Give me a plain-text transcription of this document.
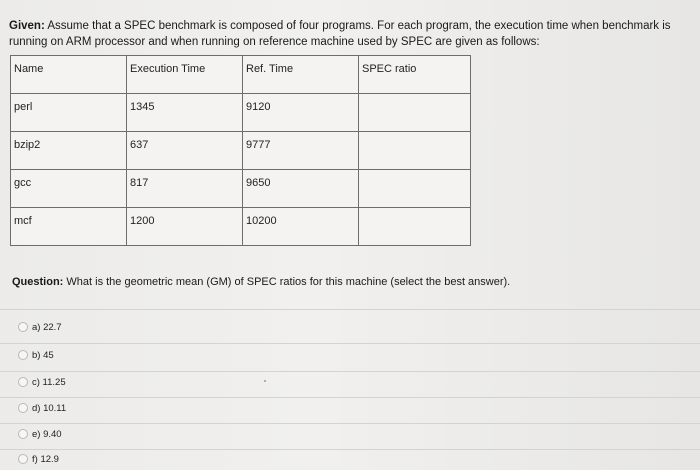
Given: Assume that a SPEC benchmark is composed of four programs. For each program, the execution time when benchmark is running on ARM processor and when running on reference machine used by SPEC are given as follows:
Name	Execution Time	Ref. Time	SPEC ratio
perl	1345	9120	
bzip2	637	9777	
gcc	817	9650	
mcf	1200	10200	
Question: What is the geometric mean (GM) of SPEC ratios for this machine (select the best answer).
a) 22.7
b) 45
c) 11.25
d) 10.11
e) 9.40
f) 12.9
